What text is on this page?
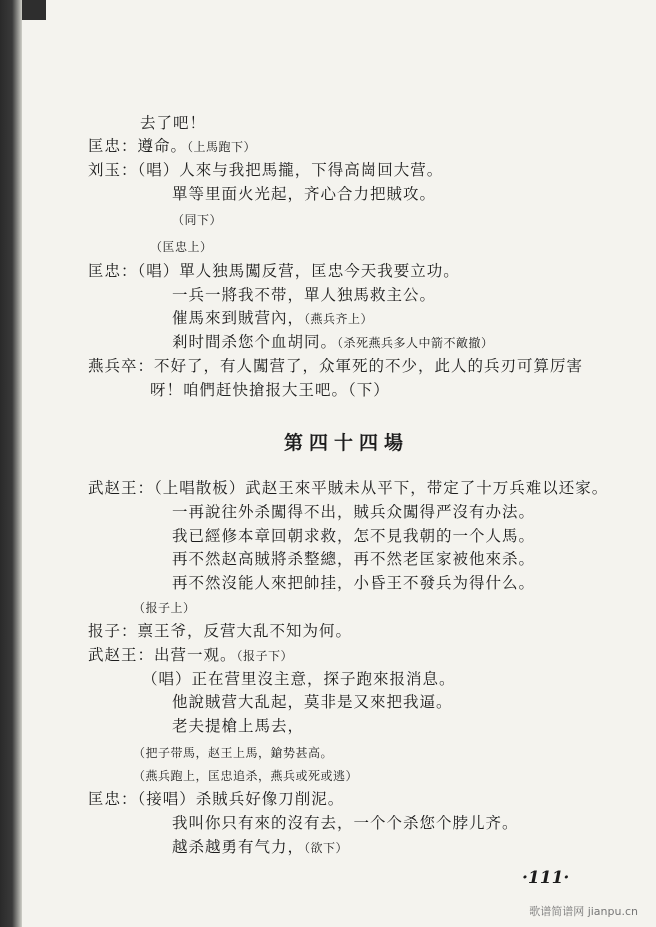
去了吧！
匡忠：遵命。（上馬跑下）
刘玉：（唱）人來与我把馬攏，下得高崗回大营。
單等里面火光起，齐心合力把賊攻。
（同下）
（匡忠上）
匡忠：（唱）單人独馬闖反营，匡忠今天我要立功。
一兵一將我不带，單人独馬救主公。
催馬來到賊营內，（燕兵齐上）
剎时間杀您个血胡同。（杀死燕兵多人中箭不敵撤）
燕兵卒：不好了，有人闖营了，众軍死的不少，此人的兵刃可算厉害
呀！咱們赶快搶报大王吧。（下）
第四十四場
武赵王：（上唱散板）武赵王來平賊未从平下，带定了十万兵难以还家。
一再說往外杀闖得不出，賊兵众闖得严沒有办法。
我已經修本章回朝求救，怎不見我朝的一个人馬。
再不然赵高賊將杀整總，再不然老匡家被他來杀。
再不然沒能人來把帥挂，小昏王不發兵为得什么。
（报子上）
报子：禀王爷，反营大乱不知为何。
武赵王：出营一观。（报子下）
（唱）正在营里沒主意，探子跑來报消息。
他說賊营大乱起，莫非是又來把我逼。
老夫提槍上馬去，
（把子带馬，赵王上馬，鎗势甚高。
（燕兵跑上，匡忠追杀，燕兵或死或逃）
匡忠：（接唱）杀賊兵好像刀削泥。
我叫你只有來的沒有去，一个个杀您个脖儿齐。
越杀越勇有气力，（欲下）
·111·
歌谱简谱网 jianpu.cn
